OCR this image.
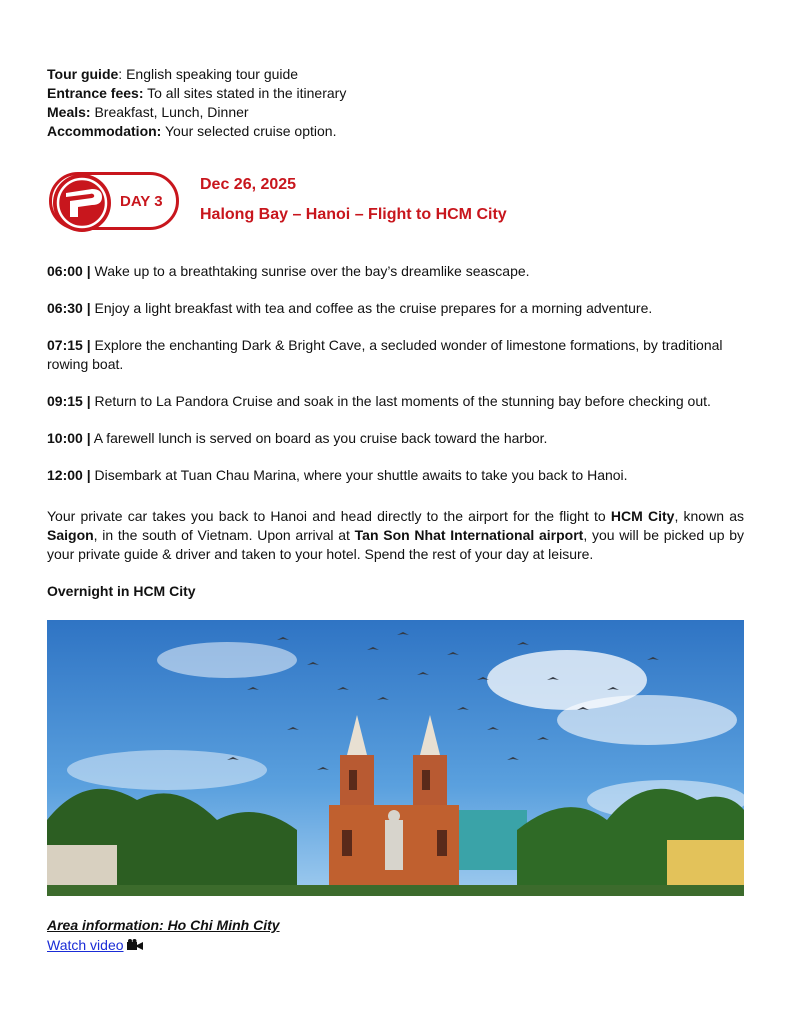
Tour guide: English speaking tour guide
Entrance fees: To all sites stated in the itinerary
Meals: Breakfast, Lunch, Dinner
Accommodation: Your selected cruise option.
DAY 3
Dec 26, 2025
Halong Bay – Hanoi – Flight to HCM City
06:00 | Wake up to a breathtaking sunrise over the bay’s dreamlike seascape.
06:30 | Enjoy a light breakfast with tea and coffee as the cruise prepares for a morning adventure.
07:15 | Explore the enchanting Dark & Bright Cave, a secluded wonder of limestone formations, by traditional rowing boat.
09:15 | Return to La Pandora Cruise and soak in the last moments of the stunning bay before checking out.
10:00 | A farewell lunch is served on board as you cruise back toward the harbor.
12:00 | Disembark at Tuan Chau Marina, where your shuttle awaits to take you back to Hanoi.
Your private car takes you back to Hanoi and head directly to the airport for the flight to HCM City, known as Saigon, in the south of Vietnam. Upon arrival at Tan Son Nhat International airport, you will be picked up by your private guide & driver and taken to your hotel. Spend the rest of your day at leisure.
Overnight in HCM City
Area information: Ho Chi Minh City
Watch video
